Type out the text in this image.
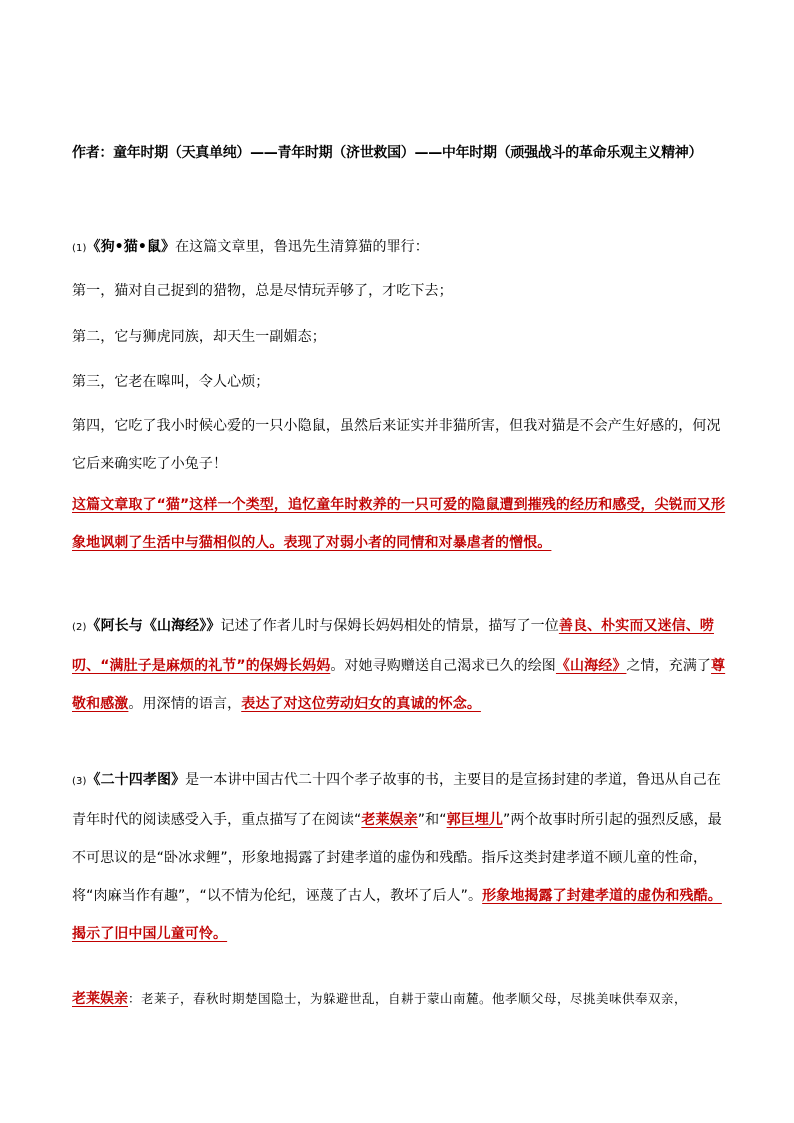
作者：童年时期（天真单纯）——青年时期（济世救国）——中年时期（顽强战斗的革命乐观主义精神）

(1)《狗•猫•鼠》在这篇文章里，鲁迅先生清算猫的罪行：

第一，猫对自己捉到的猎物，总是尽情玩弄够了，才吃下去；

第二，它与狮虎同族，却天生一副媚态；

第三，它老在嗥叫，令人心烦；

第四，它吃了我小时候心爱的一只小隐鼠，虽然后来证实并非猫所害，但我对猫是不会产生好感的，何况它后来确实吃了小兔子！

这篇文章取了“猫”这样一个类型，追忆童年时救养的一只可爱的隐鼠遭到摧残的经历和感受，尖锐而又形象地讽刺了生活中与猫相似的人。表现了对弱小者的同情和对暴虐者的憎恨。

(2)《阿长与《山海经》》记述了作者儿时与保姆长妈妈相处的情景，描写了一位善良、朴实而又迷信、唠叨、“满肚子是麻烦的礼节”的保姆长妈妈。对她寻购赠送自己渴求已久的绘图《山海经》之情，充满了尊敬和感激。用深情的语言，表达了对这位劳动妇女的真诚的怀念。

(3)《二十四孝图》是一本讲中国古代二十四个孝子故事的书，主要目的是宣扬封建的孝道，鲁迅从自己在青年时代的阅读感受入手，重点描写了在阅读“老莱娱亲”和“郭巨埋儿”两个故事时所引起的强烈反感，最不可思议的是“卧冰求鲤”，形象地揭露了封建孝道的虚伪和残酷。指斥这类封建孝道不顾儿童的性命，将“肉麻当作有趣”，“以不情为伦纪，诬蔑了古人，教坏了后人”。形象地揭露了封建孝道的虚伪和残酷。揭示了旧中国儿童可怜。

老莱娱亲：老莱子，春秋时期楚国隐士，为躲避世乱，自耕于蒙山南麓。他孝顺父母，尽挑美味供奉双亲，
